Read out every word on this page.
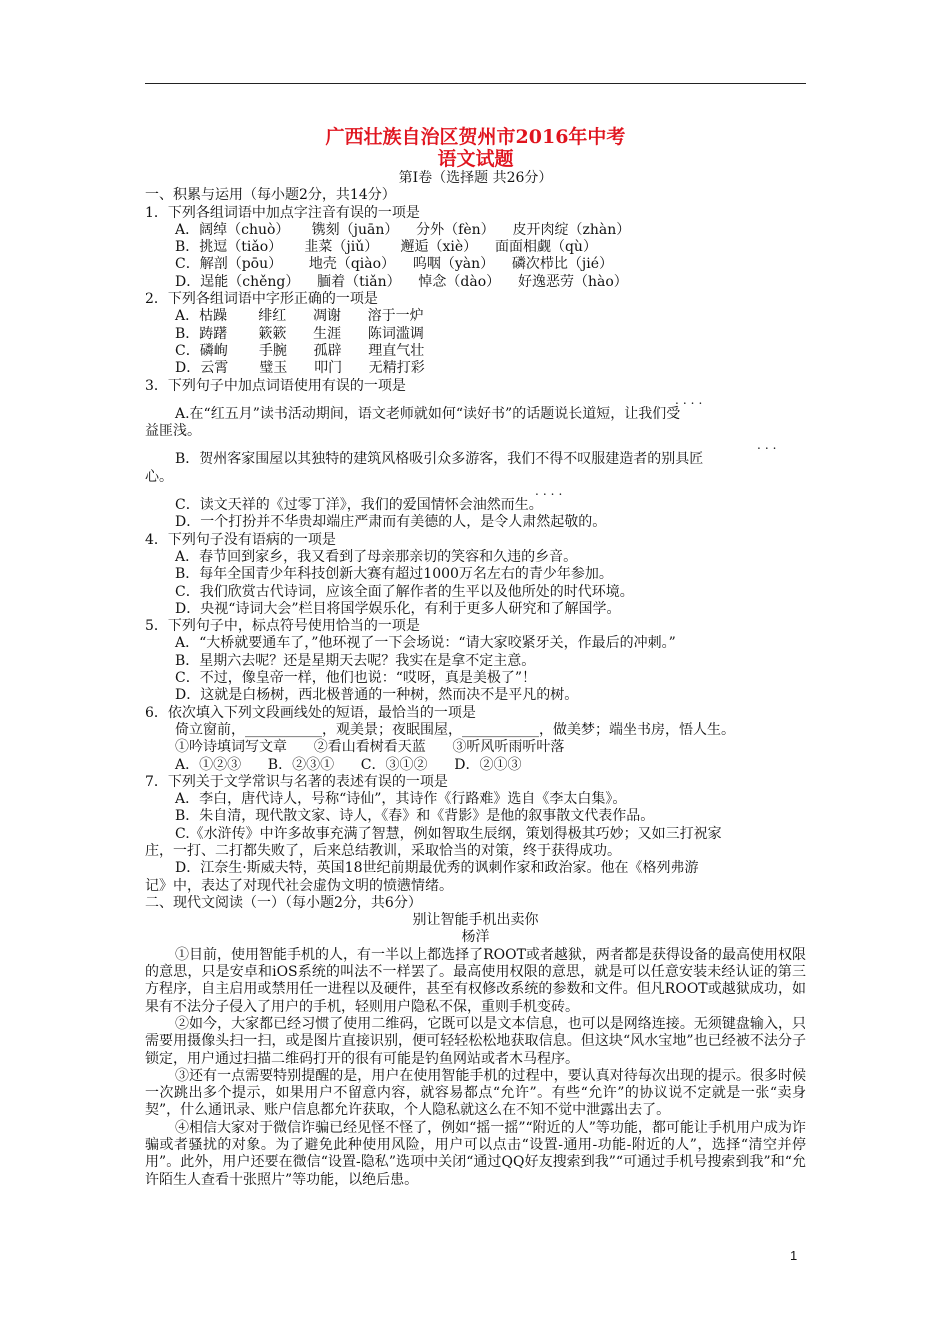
广西壮族自治区贺州市2016年中考
语文试题
第Ⅰ卷（选择题 共26分）
一、积累与运用（每小题2分，共14分）
1．下列各组词语中加点字注音有误的一项是
A．阔绰（chuò）     镌刻（juān）    分外（fèn）    皮开肉绽（zhàn）
B．挑逗（tiǎo）     韭菜（jiǔ）     邂逅（xiè）    面面相觑（qù）
C．解剖（pōu）      地壳（qiào）    呜咽（yàn）    磷次栉比（jié）
D．逞能（chěng）    腼着（tiǎn）    悼念（dào）    好逸恶劳（hào）
2．下列各组词语中字形正确的一项是
A．枯躁       绯红      凋谢      溶于一炉
B．踌躇       簌簌      生涯      陈词滥调
C．磷峋       手腕      孤辟      理直气壮
D．云霄       璧玉      叩门      无精打彩
3．下列句子中加点词语使用有误的一项是
....
A.在“红五月”读书活动期间，语文老师就如何“读好书”的话题说长道短，让我们受
益匪浅。
...
B．贺州客家围屋以其独特的建筑风格吸引众多游客，我们不得不叹服建造者的别具匠
心。
....
C．读文天祥的《过零丁洋》，我们的爱国情怀会油然而生。
D．一个打扮并不华贵却端庄严肃而有美德的人，是令人肃然起敬的。
4．下列句子没有语病的一项是
A．春节回到家乡，我又看到了母亲那亲切的笑容和久违的乡音。
B．每年全国青少年科技创新大赛有超过1000万名左右的青少年参加。
C．我们欣赏古代诗词，应该全面了解作者的生平以及他所处的时代环境。
D．央视“诗词大会”栏目将国学娱乐化，有利于更多人研究和了解国学。
5．下列句子中，标点符号使用恰当的一项是
A．“大桥就要通车了，”他环视了一下会场说：“请大家咬紧牙关，作最后的冲刺。”
B．星期六去呢？还是星期天去呢？我实在是拿不定主意。
C．不过，像皇帝一样，他们也说：“哎呀，真是美极了”！
D．这就是白杨树，西北极普通的一种树，然而决不是平凡的树。
6．依次填入下列文段画线处的短语，最恰当的一项是
倚立窗前，___________，观美景；夜眠围屋，___________，做美梦；端坐书房，悟人生。
①吟诗填词写文章      ②看山看树看天蓝      ③听风听雨听叶落
A．①②③      B．②③①      C．③①②      D．②①③
7．下列关于文学常识与名著的表述有误的一项是
A．李白，唐代诗人，号称“诗仙”，其诗作《行路难》选自《李太白集》。
B．朱自清，现代散文家、诗人，《春》和《背影》是他的叙事散文代表作品。
C.《水浒传》中许多故事充满了智慧，例如智取生辰纲，策划得极其巧妙；又如三打祝家
庄，一打、二打都失败了，后来总结教训，采取恰当的对策，终于获得成功。
D．江奈生·斯威夫特，英国18世纪前期最优秀的讽刺作家和政治家。他在《格列弗游
记》中，表达了对现代社会虚伪文明的愤懑情绪。
二、现代文阅读（一）（每小题2分，共6分）
别让智能手机出卖你
杨洋
①目前，使用智能手机的人，有一半以上都选择了ROOT或者越狱，两者都是获得设备的最高使用权限的意思，只是安卓和iOS系统的叫法不一样罢了。最高使用权限的意思，就是可以任意安装未经认证的第三方程序，自主启用或禁用任一进程以及硬件，甚至有权修改系统的参数和文件。但凡ROOT或越狱成功，如果有不法分子侵入了用户的手机，轻则用户隐私不保，重则手机变砖。
②如今，大家都已经习惯了使用二维码，它既可以是文本信息，也可以是网络连接。无须键盘输入，只需要用摄像头扫一扫，或是图片直接识别，便可轻轻松松地获取信息。但这块“风水宝地”也已经被不法分子锁定，用户通过扫描二维码打开的很有可能是钓鱼网站或者木马程序。
③还有一点需要特别提醒的是，用户在使用智能手机的过程中，要认真对待每次出现的提示。很多时候一次跳出多个提示，如果用户不留意内容，就容易都点“允许”。有些“允许”的协议说不定就是一张“卖身契”，什么通讯录、账户信息都允许获取，个人隐私就这么在不知不觉中泄露出去了。
④相信大家对于微信诈骗已经见怪不怪了，例如“摇一摇”“附近的人”等功能，都可能让手机用户成为诈骗或者骚扰的对象。为了避免此种使用风险，用户可以点击“设置-通用-功能-附近的人”，选择“清空并停用”。此外，用户还要在微信“设置-隐私”选项中关闭“通过QQ好友搜索到我”“可通过手机号搜索到我”和“允许陌生人查看十张照片”等功能，以绝后患。
1
